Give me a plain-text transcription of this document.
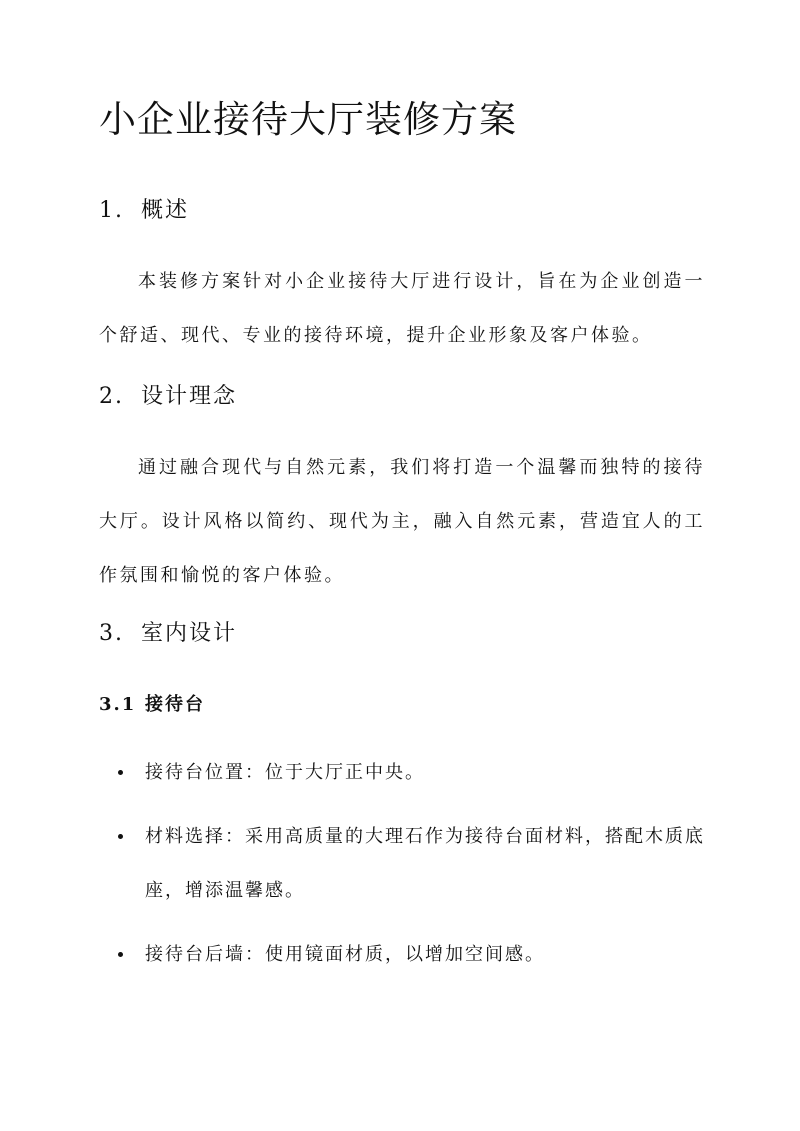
小企业接待大厅装修方案
1. 概述

本装修方案针对小企业接待大厅进行设计，旨在为企业创造一个舒适、现代、专业的接待环境，提升企业形象及客户体验。

2. 设计理念

通过融合现代与自然元素，我们将打造一个温馨而独特的接待大厅。设计风格以简约、现代为主，融入自然元素，营造宜人的工作氛围和愉悦的客户体验。

3. 室内设计
3.1 接待台
接待台位置：位于大厅正中央。
材料选择：采用高质量的大理石作为接待台面材料，搭配木质底座，增添温馨感。
接待台后墙：使用镜面材质，以增加空间感。
